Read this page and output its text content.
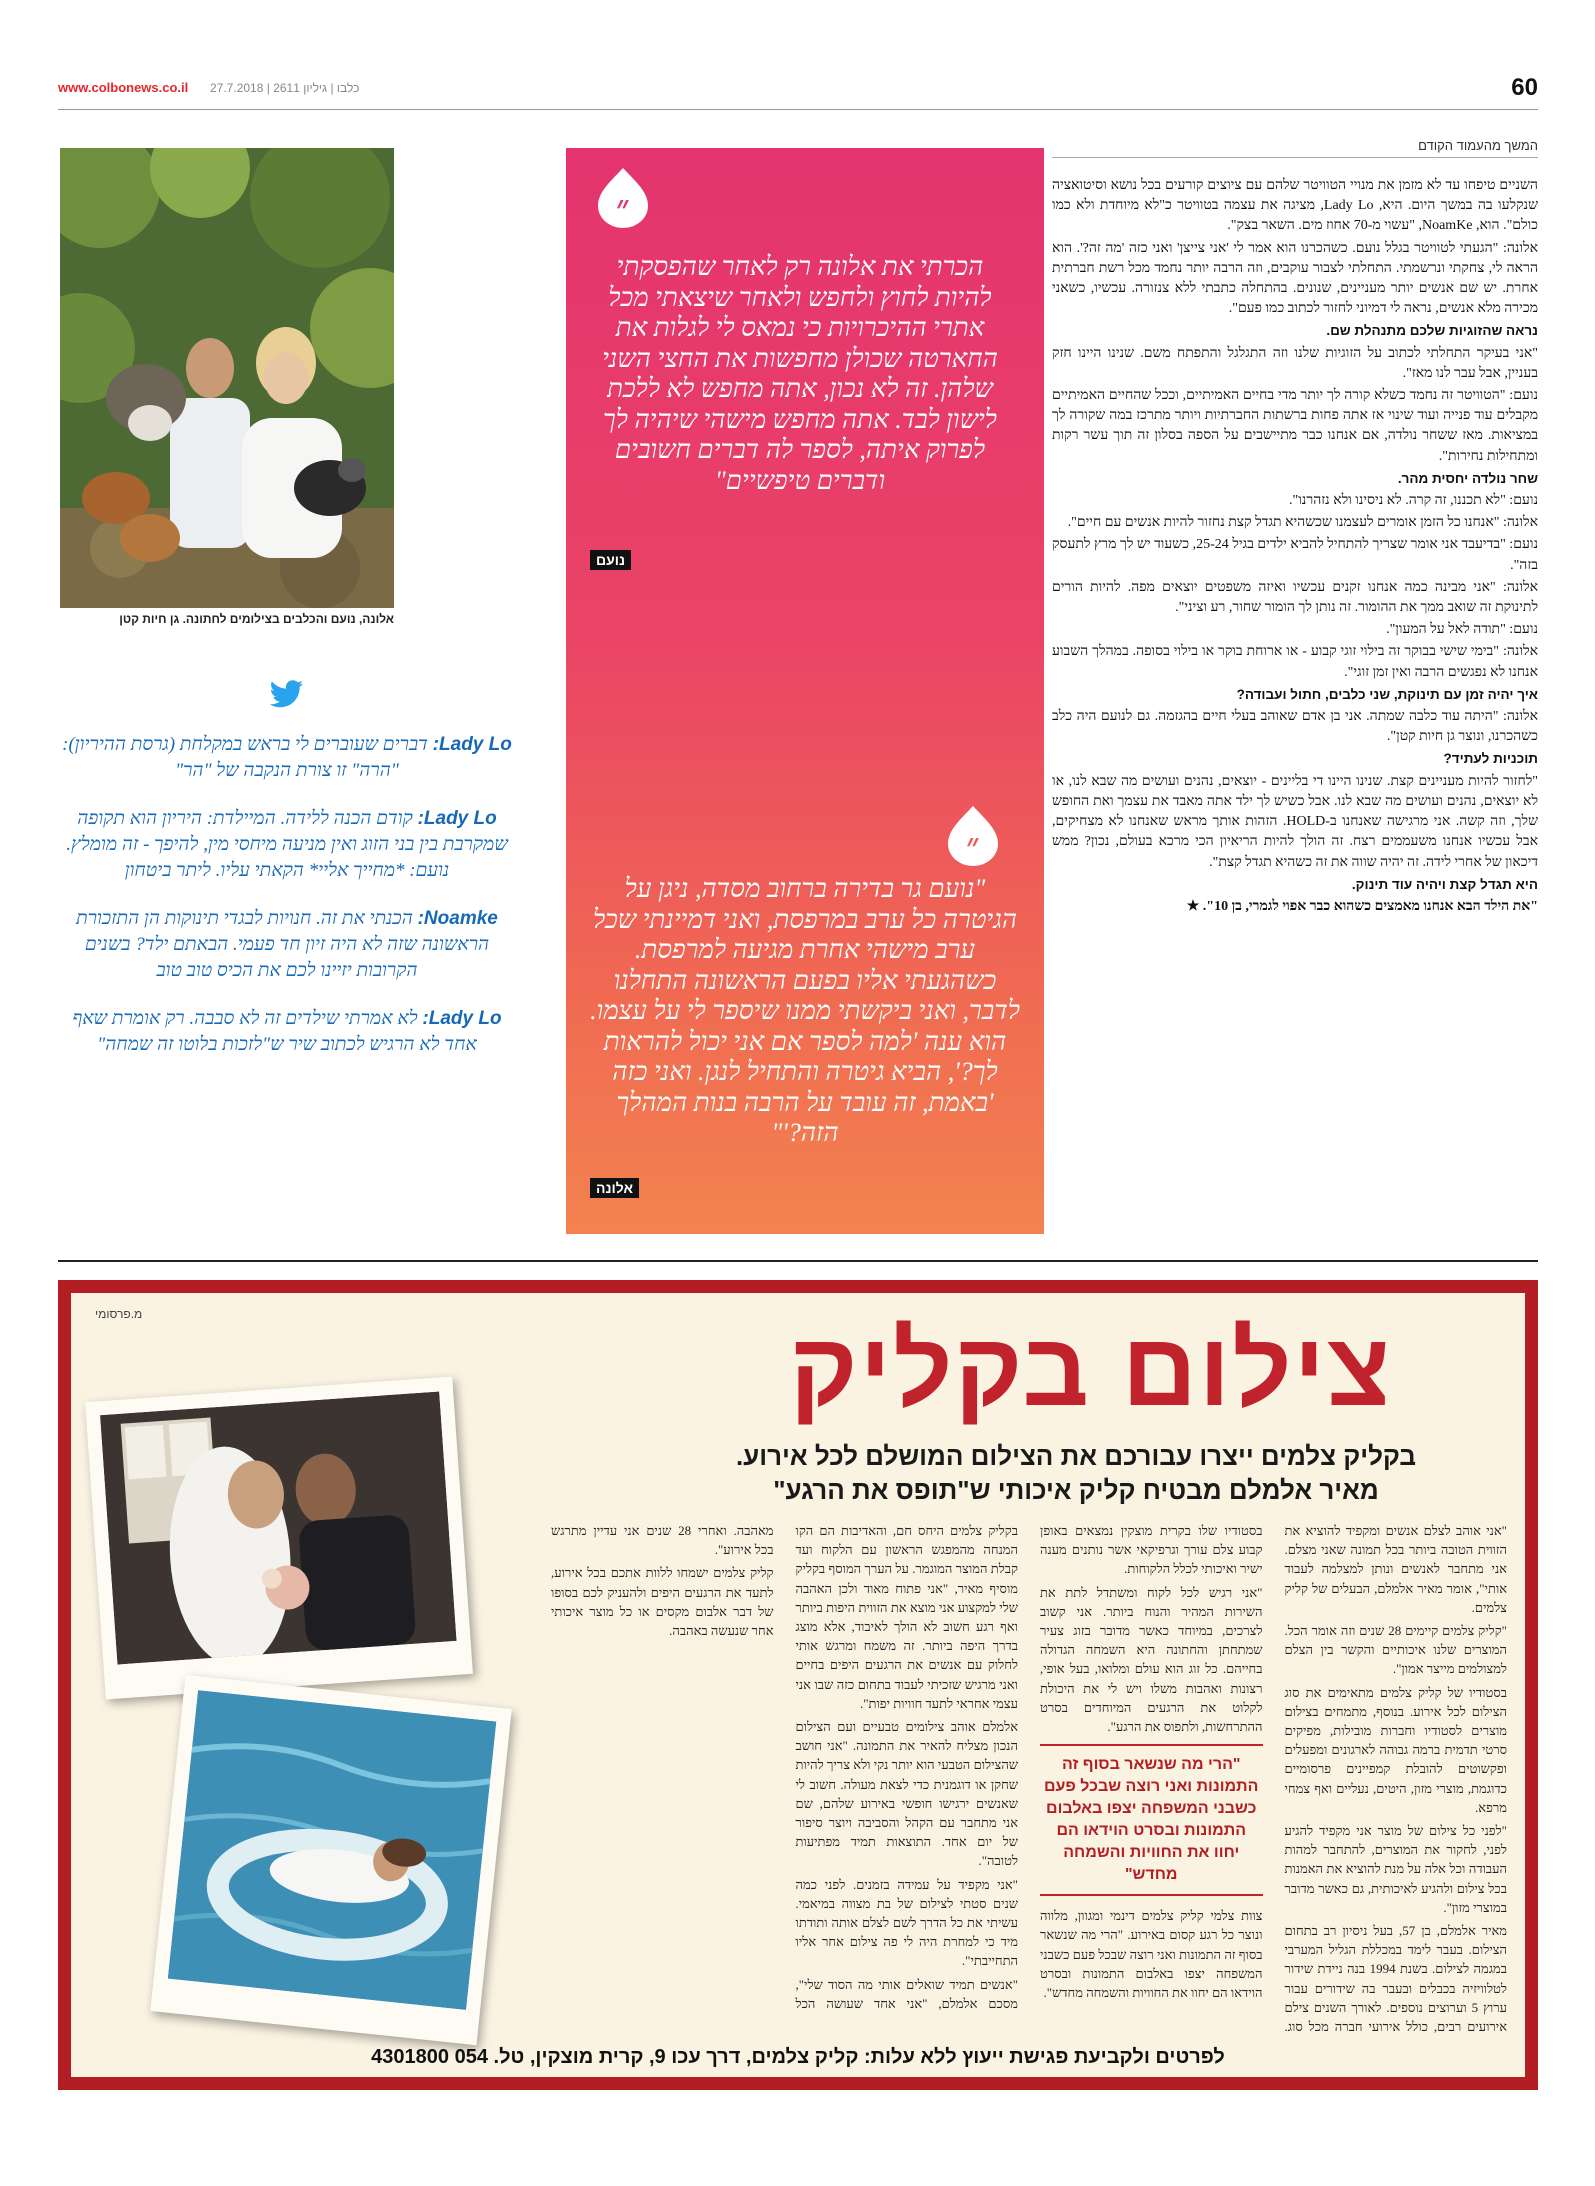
www.colbonews.co.il כלבו | גיליון 2611 | 27.7.2018	60
המשך מהעמוד הקודם

השניים טיפחו עד לא מזמן את מנויי הטוויטר שלהם עם ציוצים קורעים בכל נושא וסיטואציה שנקלעו בה במשך היום. היא, Lady Lo, מציגה את עצמה בטוויטר כ"לא מיוחדת ולא כמו כולם". הוא, NoamKe, "עשוי מ-70 אחוז מים. השאר בצק".

אלונה: "הגעתי לטוויטר בגלל נועם. כשהכרנו הוא אמר לי 'אני צייצן' ואני כזה 'מה זה?'. הוא הראה לי, צחקתי ונרשמתי. התחלתי לצבור עוקבים, וזה הרבה יותר נחמד מכל רשת חברתית אחרת. יש שם אנשים יותר מעניינים, שנונים. בהתחלה כתבתי ללא צנזורה. עכשיו, כשאני מכירה מלא אנשים, נראה לי דמיוני לחזור לכתוב כמו פעם".

נראה שהזוגיות שלכם מתנהלת שם.

"אני בעיקר התחלתי לכתוב על הזוגיות שלנו וזה התגלגל והתפתח משם. שנינו היינו חזק בעניין, אבל עבר לנו מאז".

נועם: "הטוויטר זה נחמד כשלא קורה לך יותר מדי בחיים האמיתיים, וככל שהחיים האמיתיים מקבלים עוד פנייה ועוד שינוי אז אתה פחות ברשתות החברתיות ויותר מתרכז במה שקורה לך במציאות. מאז ששחר נולדה, אם אנחנו כבר מתיישבים על הספה בסלון זה תוך עשר רקות ומתחילות נחירות".

שחר נולדה יחסית מהר.

נועם: "לא תכננו, זה קרה. לא ניסינו ולא נזהרנו".

אלונה: "אנחנו כל הזמן אומרים לעצמנו שכשהיא תגדל קצת נחזור להיות אנשים עם חיים".

נועם: "בדיעבד אני אומר שצריך להתחיל להביא ילדים בגיל 25-24, כשעוד יש לך מרץ לתעסק בזה".

אלונה: "אני מבינה כמה אנחנו זקנים עכשיו ואיזה משפטים יוצאים מפה. להיות הורים לתינוקת זה שואב ממך את ההומור. זה נותן לך הומור שחור, רע וציני".

נועם: "תודה לאל על המעון".

אלונה: "בימי שישי בבוקר זה בילוי זוגי קבוע - או ארוחת בוקר או בילוי בסופה. במהלך השבוע אנחנו לא נפגשים הרבה ואין זמן זוגי".

איך יהיה זמן עם תינוקת, שני כלבים, חתול ועבודה?

אלונה: "היתה עוד כלבה שמתה. אני בן אדם שאוהב בעלי חיים בהגזמה. גם לנועם היה כלב כשהכרנו, ונוצר גן חיות קטן".

תוכניות לעתיד?

"לחזור להיות מעניינים קצת. שנינו היינו די בליינים - יוצאים, נהנים ועושים מה שבא לנו, או לא יוצאים, נהנים ועושים מה שבא לנו. אבל כשיש לך ילד אתה מאבד את עצמך ואת החופש שלך, וזה קשה. אני מרגישה שאנחנו ב-HOLD. הזהות אותך מראש שאנחנו לא מצחיקים, אבל עכשיו אנחנו משעממים רצח. זה הולך להיות הריאיון הכי מרכא בעולם, נכון? ממש דיכאון של אחרי לידה. זה יהיה שווה את זה כשהיא תגדל קצת".

היא תגדל קצת ויהיה עוד תינוק.

"את הילד הבא אנחנו מאמצים כשהוא כבר אפוי לגמרי, בן 10". ★

אלונה, נועם והכלבים בצילומים לחתונה. גן חיות קטן
Lady Lo: דברים שעוברים לי בראש במקלחת (גרסת ההיריון): "הרה" זו צורת הנקבה של "הר"
Lady Lo: קודם הכנה ללידה. המיילדת: היריון הוא תקופה שמקרבת בין בני הזוג ואין מניעה מיחסי מין, להיפך - זה מומלץ. נועם: *מחייך אליי* הקאתי עליו. ליתר ביטחון
Noamke: הכנתי את זה. חנויות לבגדי תינוקות הן התזכורת הראשונה שזה לא היה זיון חד פעמי. הבאתם ילד? בשנים הקרובות יזיינו לכם את הכיס טוב טוב
Lady Lo: לא אמרתי שילדים זה לא סבבה. רק אומרת שאף אחד לא הרגיש לכתוב שיר ש"לזכות בלוטו זה שמחה"
״
הכרתי את אלונה רק לאחר שהפסקתי להיות לחוץ ולחפש ולאחר שיצאתי מכל אתרי ההיכרויות כי נמאס לי לגלות את החארטה שכולן מחפשות את החצי השני שלהן. זה לא נכון, אתה מחפש לא ללכת לישון לבד. אתה מחפש מישהי שיהיה לך לפרוק איתה, לספר לה דברים חשובים ודברים טיפשיים"
נועם
״
"נועם גר בדירה ברחוב מסדה, ניגן על הגיטרה כל ערב במרפסת, ואני דמיינתי שכל ערב מישהי אחרת מגיעה למרפסת. כשהגעתי אליו בפעם הראשונה התחלנו לדבר, ואני ביקשתי ממנו שיספר לי על עצמו. הוא ענה 'למה לספר אם אני יכול להראות לך?', הביא גיטרה והתחיל לנגן. ואני כזה 'באמת, זה עובד על הרבה בנות המהלך הזה?'"
אלונה
מ.פרסומי	צילום בקליק
בקליק צלמים ייצרו עבורכם את הצילום המושלם לכל אירוע.
מאיר אלמלם מבטיח קליק איכותי ש"תופס את הרגע"

"אני אוהב לצלם אנשים ומקפיד להוציא את הזווית הטובה ביותר בכל תמונה שאני מצלם. אני מתחבר לאנשים ונותן למצלמה לעבוד אותי", אומר מאיר אלמלם, הבעלים של קליק צלמים.

"קליק צלמים קיימים 28 שנים וזה אומר הכל. המוצרים שלנו איכותיים והקשר בין הצלם למצולמים מייצר אמון".

בסטודיו של קליק צלמים מתאימים את סוג הצילום לכל אירוע. בנוסף, מתמחים בצילום מוצרים לסטודיו וחברות מובילות, מפיקים סרטי תדמית ברמה גבוהה לארגונים ומפעלים ופקשוטים להובלת קמפיינים פרסומיים כדוגמת, מוצרי מזון, היטים, נעליים ואף צמחי מרפא.

"לפני כל צילום של מוצר אני מקפיד להגיע לפני, לחקור את המוצרים, להתחבר למהות העבודה וכל אלה על מנת להוציא את האמנות בכל צילום ולהגיע לאיכותית, גם כאשר מדובר במוצרי מזון".

מאיר אלמלם, בן 57, בעל ניסיון רב בתחום הצילום. בעבר לימד במכללת הגליל המערבי במגמה לצילום. בשנת 1994 בנה ניידת שידור לטלוויזיה בכבלים ובעבר בה שידורים עבור ערוץ 5 וערוצים נוספים. לאורך השנים צילם אירועים רבים, כולל אירועי חברה מכל סוג. בסטודיו שלו בקרית מוצקין נמצאים באופן קבוע צלם עורך וגרפיקאי אשר נותנים מענה ישיר ואיכותי לכלל הלקוחות.

"אני רגיש לכל לקוח ומשתדל לתת את השירות המהיר והנוח ביותר. אני קשוב לצרכים, במיוחד כאשר מדובר בזוג צעיר שמתחתן והחתונה היא השמחה הגדולה בחייהם. כל זוג הוא עולם ומלואו, בעל אופי, רצונות ואהבות משלו ויש לי את היכולת לקלוט את הרגעים המיוחדים בסרט ההתרחשות, ולתפוס את הרגע".

"הרי מה שנשאר בסוף זה התמונות ואני רוצה שבכל פעם כשבני המשפחה יצפו באלבום התמונות ובסרט הוידאו הם יחוו את החוויות והשמחה מחדש"

צוות צלמי קליק צלמים דינמי ומגוון, מלווה ונוצר כל רגע קסום באירוע. "הרי מה שנשאר בסוף זה התמונות ואני רוצה שבכל פעם כשבני המשפחה יצפו באלבום התמונות ובסרט הוידאו הם יחוו את החוויות והשמחה מחדש".

בקליק צלמים היחס חם, והאדיבות הם הקו המנחה מהמפגש הראשון עם הלקוח ועד קבלת המוצר המוגמר. על הערך המוסף בקליק מוסיף מאיר, "אני פתוח מאוד ולכן האהבה שלי למקצוע אני מוצא את הזווית היפות ביותר ואף רגע חשוב לא הולך לאיבוד, אלא מוצג בדרך היפה ביותר. זה משמח ומרגש אותי לחלוק עם אנשים את הרגעים היפים בחיים ואני מרגיש שזכיתי לעבוד בתחום כזה שבו אני עצמי אחראי לתעד חוויות יפות".

אלמלם אוהב צילומים טבעיים ועם הצילום הנכון מצליח להאיר את התמונה. "אני חושב שהצילום הטבעי הוא יותר נקי ולא צריך להיות שחקן או דוגמנית כדי לצאת מעולה. חשוב לי שאנשים ירגישו חופשי באירוע שלהם, שם אני מתחבר עם הקהל והסביבה ויוצר סיפור של יום אחד. התוצאות תמיד מפתיעות לטובה".

"אני מקפיד על עמידה בזמנים. לפני כמה שנים סטתי לצילום של בת מצווה במיאמי. עשיתי את כל הדרך לשם לצלם אותה ותודתו מיד כי למחרת היה לי פה צילום אחר אליו התחייבתי".

"אנשים תמיד שואלים אותי מה הסוד שלי", מסכם אלמלם, "אני אחד שעושה הכל מאהבה. ואחרי 28 שנים אני עדיין מתרגש בכל אירוע".

קליק צלמים ישמחו ללוות אתכם בכל אירוע, לתעד את הרגעים היפים ולהעניק לכם בסופו של דבר אלבום מקסים או כל מוצר איכותי אחר שנעשה באהבה.

לפרטים ולקביעת פגישת ייעוץ ללא עלות: קליק צלמים, דרך עכו 9, קרית מוצקין, טל. 054 4301800
